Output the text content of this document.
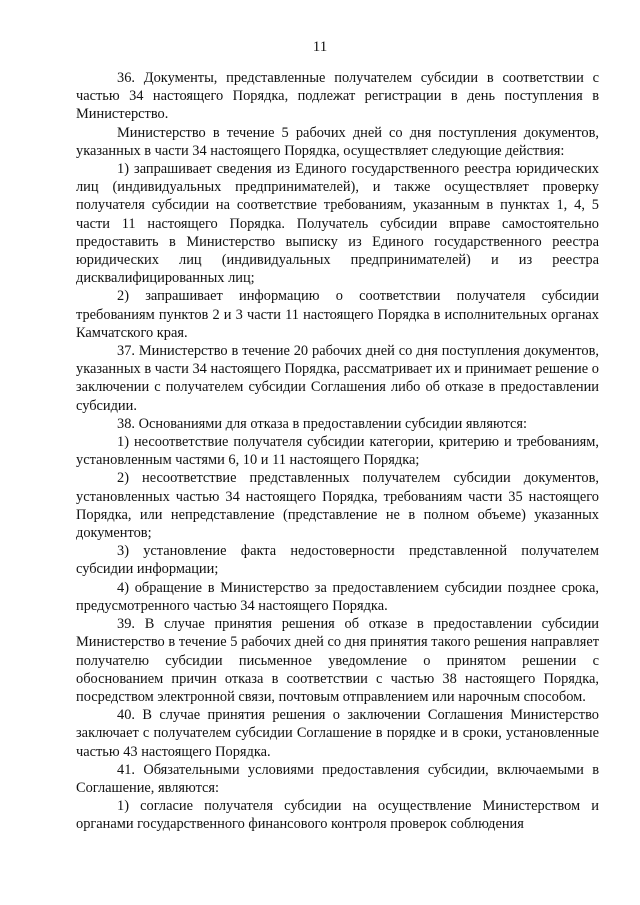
11

36. Документы, представленные получателем субсидии в соответствии с частью 34 настоящего Порядка, подлежат регистрации в день поступления в Министерство.

Министерство в течение 5 рабочих дней со дня поступления документов, указанных в части 34 настоящего Порядка, осуществляет следующие действия:

1) запрашивает сведения из Единого государственного реестра юридических лиц (индивидуальных предпринимателей), и также осуществляет проверку получателя субсидии на соответствие требованиям, указанным в пунктах 1, 4, 5 части 11 настоящего Порядка. Получатель субсидии вправе самостоятельно предоставить в Министерство выписку из Единого государственного реестра юридических лиц (индивидуальных предпринимателей) и из реестра дисквалифицированных лиц;

2) запрашивает информацию о соответствии получателя субсидии требованиям пунктов 2 и 3 части 11 настоящего Порядка в исполнительных органах Камчатского края.

37. Министерство в течение 20 рабочих дней со дня поступления документов, указанных в части 34 настоящего Порядка, рассматривает их и принимает решение о заключении с получателем субсидии Соглашения либо об отказе в предоставлении субсидии.

38. Основаниями для отказа в предоставлении субсидии являются:

1) несоответствие получателя субсидии категории, критерию и требованиям, установленным частями 6, 10 и 11 настоящего Порядка;

2) несоответствие представленных получателем субсидии документов, установленных частью 34 настоящего Порядка, требованиям части 35 настоящего Порядка, или непредставление (представление не в полном объеме) указанных документов;

3) установление факта недостоверности представленной получателем субсидии информации;

4) обращение в Министерство за предоставлением субсидии позднее срока, предусмотренного частью 34 настоящего Порядка.

39. В случае принятия решения об отказе в предоставлении субсидии Министерство в течение 5 рабочих дней со дня принятия такого решения направляет получателю субсидии письменное уведомление о принятом решении с обоснованием причин отказа в соответствии с частью 38 настоящего Порядка, посредством электронной связи, почтовым отправлением или нарочным способом.

40. В случае принятия решения о заключении Соглашения Министерство заключает с получателем субсидии Соглашение в порядке и в сроки, установленные частью 43 настоящего Порядка.

41. Обязательными условиями предоставления субсидии, включаемыми в Соглашение, являются:

1) согласие получателя субсидии на осуществление Министерством и органами государственного финансового контроля проверок соблюдения
